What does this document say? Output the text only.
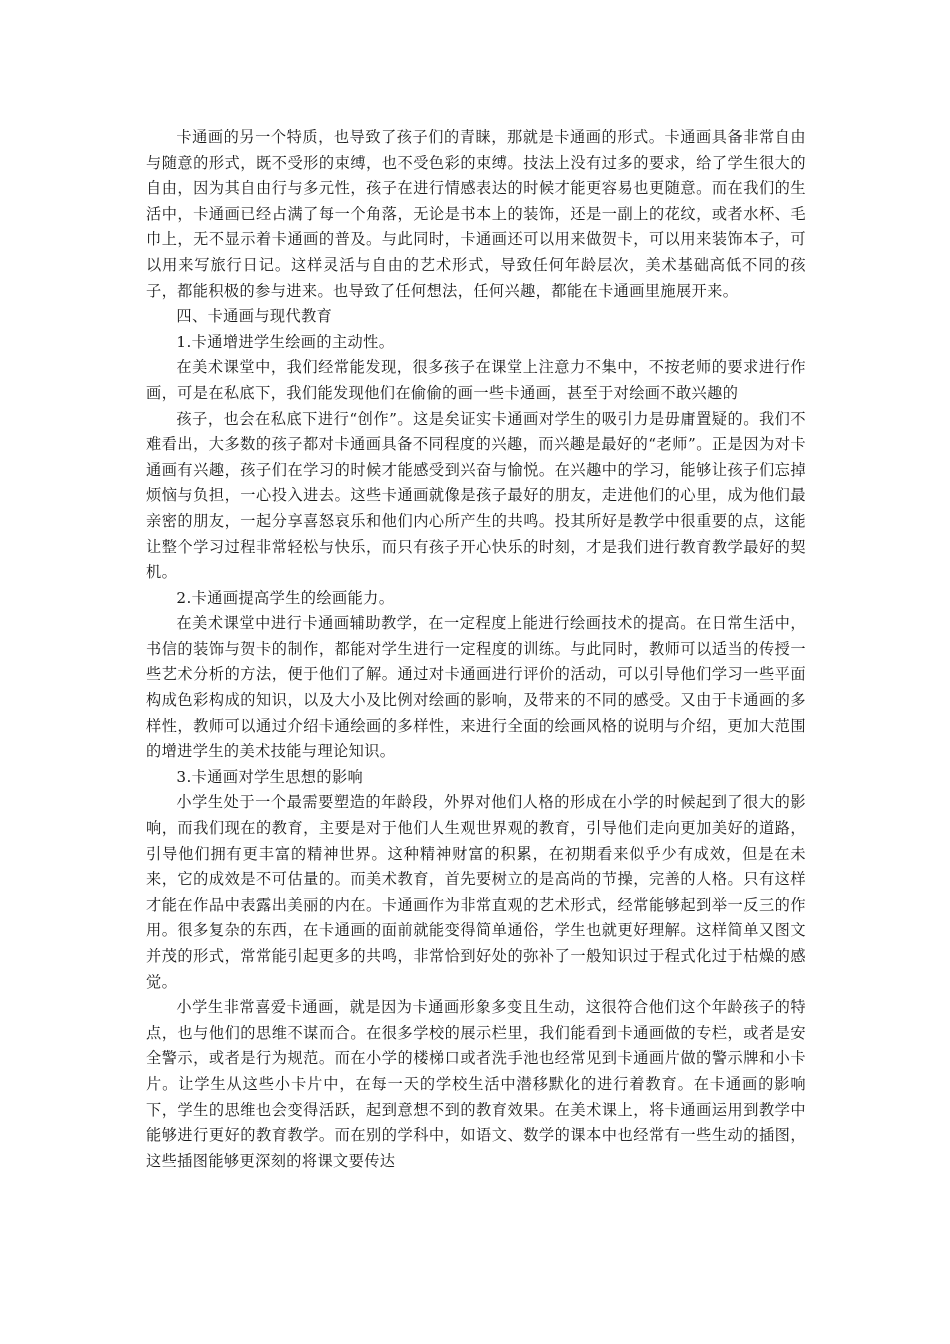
卡通画的另一个特质，也导致了孩子们的青睐，那就是卡通画的形式。卡通画具备非常自由与随意的形式，既不受形的束缚，也不受色彩的束缚。技法上没有过多的要求，给了学生很大的自由，因为其自由行与多元性，孩子在进行情感表达的时候才能更容易也更随意。而在我们的生活中，卡通画已经占满了每一个角落，无论是书本上的装饰，还是一副上的花纹，或者水杯、毛巾上，无不显示着卡通画的普及。与此同时，卡通画还可以用来做贺卡，可以用来装饰本子，可以用来写旅行日记。这样灵活与自由的艺术形式，导致任何年龄层次，美术基础高低不同的孩子，都能积极的参与进来。也导致了任何想法，任何兴趣，都能在卡通画里施展开来。

四、卡通画与现代教育

1.卡通增进学生绘画的主动性。

在美术课堂中，我们经常能发现，很多孩子在课堂上注意力不集中，不按老师的要求进行作画，可是在私底下，我们能发现他们在偷偷的画一些卡通画，甚至于对绘画不敢兴趣的

孩子，也会在私底下进行“创作”。这是矣证实卡通画对学生的吸引力是毋庸置疑的。我们不难看出，大多数的孩子都对卡通画具备不同程度的兴趣，而兴趣是最好的“老师”。正是因为对卡通画有兴趣，孩子们在学习的时候才能感受到兴奋与愉悦。在兴趣中的学习，能够让孩子们忘掉烦恼与负担，一心投入进去。这些卡通画就像是孩子最好的朋友，走进他们的心里，成为他们最亲密的朋友，一起分享喜怒哀乐和他们内心所产生的共鸣。投其所好是教学中很重要的点，这能让整个学习过程非常轻松与快乐，而只有孩子开心快乐的时刻，才是我们进行教育教学最好的契机。

2.卡通画提高学生的绘画能力。

在美术课堂中进行卡通画辅助教学，在一定程度上能进行绘画技术的提高。在日常生活中，书信的装饰与贺卡的制作，都能对学生进行一定程度的训练。与此同时，教师可以适当的传授一些艺术分析的方法，便于他们了解。通过对卡通画进行评价的活动，可以引导他们学习一些平面构成色彩构成的知识，以及大小及比例对绘画的影响，及带来的不同的感受。又由于卡通画的多样性，教师可以通过介绍卡通绘画的多样性，来进行全面的绘画风格的说明与介绍，更加大范围的增进学生的美术技能与理论知识。

3.卡通画对学生思想的影响

小学生处于一个最需要塑造的年龄段，外界对他们人格的形成在小学的时候起到了很大的影响，而我们现在的教育，主要是对于他们人生观世界观的教育，引导他们走向更加美好的道路，引导他们拥有更丰富的精神世界。这种精神财富的积累，在初期看来似乎少有成效，但是在未来，它的成效是不可估量的。而美术教育，首先要树立的是高尚的节操，完善的人格。只有这样才能在作品中表露出美丽的内在。卡通画作为非常直观的艺术形式，经常能够起到举一反三的作用。很多复杂的东西，在卡通画的面前就能变得简单通俗，学生也就更好理解。这样简单又图文并茂的形式，常常能引起更多的共鸣，非常恰到好处的弥补了一般知识过于程式化过于枯燥的感觉。

小学生非常喜爱卡通画，就是因为卡通画形象多变且生动，这很符合他们这个年龄孩子的特点，也与他们的思维不谋而合。在很多学校的展示栏里，我们能看到卡通画做的专栏，或者是安全警示，或者是行为规范。而在小学的楼梯口或者洗手池也经常见到卡通画片做的警示牌和小卡片。让学生从这些小卡片中，在每一天的学校生活中潜移默化的进行着教育。在卡通画的影响下，学生的思维也会变得活跃，起到意想不到的教育效果。在美术课上，将卡通画运用到教学中能够进行更好的教育教学。而在别的学科中，如语文、数学的课本中也经常有一些生动的插图，这些插图能够更深刻的将课文要传达
